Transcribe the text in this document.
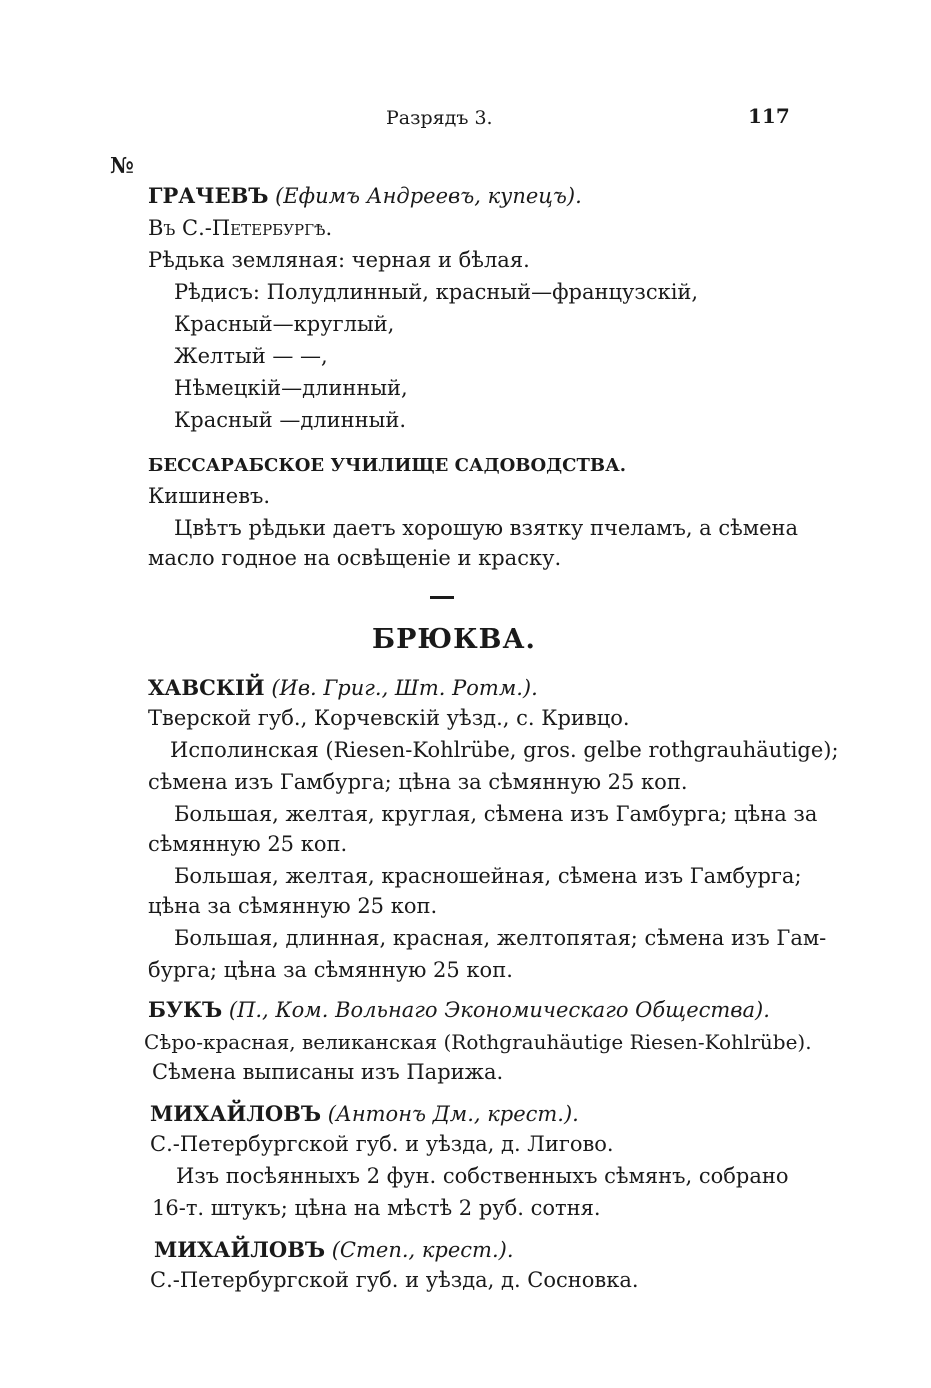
Разрядъ 3.	117
№
ГРАЧЕВЪ (Ефимъ Андреевъ, купецъ).
Въ С.-Петербургѣ.
Рѣдька земляная: черная и бѣлая.
Рѣдисъ: Полудлинный, красный—французскій,
Красный—круглый,
Желтый — —,
Нѣмецкій—длинный,
Красный —длинный.
БЕССАРАБСКОЕ УЧИЛИЩЕ САДОВОДСТВА.
Кишиневъ.
Цвѣтъ рѣдьки даетъ хорошую взятку пчеламъ, а сѣмена
масло годное на освѣщеніе и краску.
БРЮКВА.
ХАВСКІЙ (Ив. Григ., Шт. Ротм.).
Тверской губ., Корчевскій уѣзд., с. Кривцо.
Исполинская (Riesen-Kohlrübe, gros. gelbe rothgrauhäutige);
сѣмена изъ Гамбурга; цѣна за сѣмянную 25 коп.
Большая, желтая, круглая, сѣмена изъ Гамбурга; цѣна за
сѣмянную 25 коп.
Большая, желтая, красношейная, сѣмена изъ Гамбурга;
цѣна за сѣмянную 25 коп.
Большая, длинная, красная, желтопятая; сѣмена изъ Гам-
бурга; цѣна за сѣмянную 25 коп.
БУКЪ (П., Ком. Вольнаго Экономическаго Общества).
Сѣро-красная, великанская (Rothgrauhäutige Riesen-Kohlrübe).
Сѣмена выписаны изъ Парижа.
МИХАЙЛОВЪ (Антонъ Дм., крест.).
С.-Петербургской губ. и уѣзда, д. Лигово.
Изъ посѣянныхъ 2 фун. собственныхъ сѣмянъ, собрано
16-т. штукъ; цѣна на мѣстѣ 2 руб. сотня.
МИХАЙЛОВЪ (Степ., крест.).
С.-Петербургской губ. и уѣзда, д. Сосновка.
